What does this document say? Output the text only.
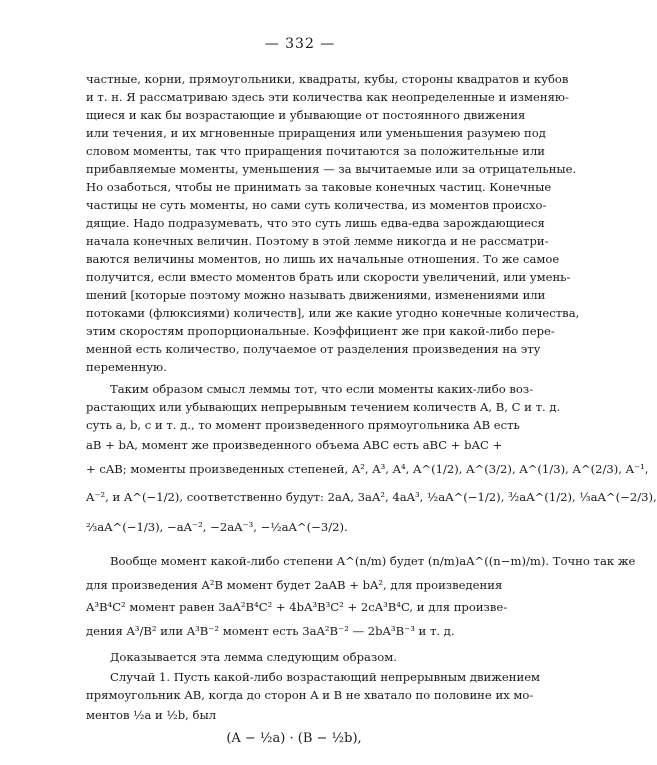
— 332 —
частные, корни, прямоугольники, квадраты, кубы, стороны квадратов и кубов
и т. н. Я рассматриваю здесь эти количества как неопределенные и изменяю-
щиеся и как бы возрастающие и убывающие от постоянного движения
или течения, и их мгновенные приращения или уменьшения разумею под
словом моменты, так что приращения почитаются за положительные или
прибавляемые моменты, уменьшения — за вычитаемые или за отрицательные.
Но озаботься, чтобы не принимать за таковые конечных частиц. Конечные
частицы не суть моменты, но сами суть количества, из моментов происхо-
дящие. Надо подразумевать, что это суть лишь едва-едва зарождающиеся
начала конечных величин. Поэтому в этой лемме никогда и не рассматри-
ваются величины моментов, но лишь их начальные отношения. То же самое
получится, если вместо моментов брать или скорости увеличений, или умень-
шений [которые поэтому можно называть движениями, изменениями или
потоками (флюксиями) количеств], или же какие угодно конечные количества,
этим скоростям пропорциональные. Коэффициент же при какой-либо пере-
менной есть количество, получаемое от разделения произведения на эту
переменную.
Таким образом смысл леммы тот, что если моменты каких-либо воз-
растающих или убывающих непрерывным течением количеств A, B, C и т. д.
суть a, b, c и т. д., то момент произведенного прямоугольника AB есть
aB + bA, момент же произведенного объема ABC есть aBC + bAC +
+ cAB; моменты произведенных степеней, A², A³, A⁴, A^(1/2), A^(3/2), A^(1/3), A^(2/3), A⁻¹,
A⁻², и A^(−1/2), соответственно будут: 2aA, 3aA², 4aA³, ½aA^(−1/2), ³⁄₂aA^(1/2), ⅓aA^(−2/3),
⅔aA^(−1/3), −aA⁻², −2aA⁻³, −½aA^(−3/2).
Вообще момент какой-либо степени A^(n/m) будет (n/m)aA^((n−m)/m). Точно так же
для произведения A²B момент будет 2aAB + bA², для произведения
A³B⁴C² момент равен 3aA²B⁴C² + 4bA³B³C² + 2cA³B⁴C, и для произве-
дения A³/B² или A³B⁻² момент есть 3aA²B⁻² — 2bA³B⁻³ и т. д.
Доказывается эта лемма следующим образом.
Случай 1. Пусть какой-либо возрастающий непрерывным движением
прямоугольник AB, когда до сторон A и B не хватало по половине их мо-
ментов ½a и ½b, был
(A − ½a) · (B − ½b),
